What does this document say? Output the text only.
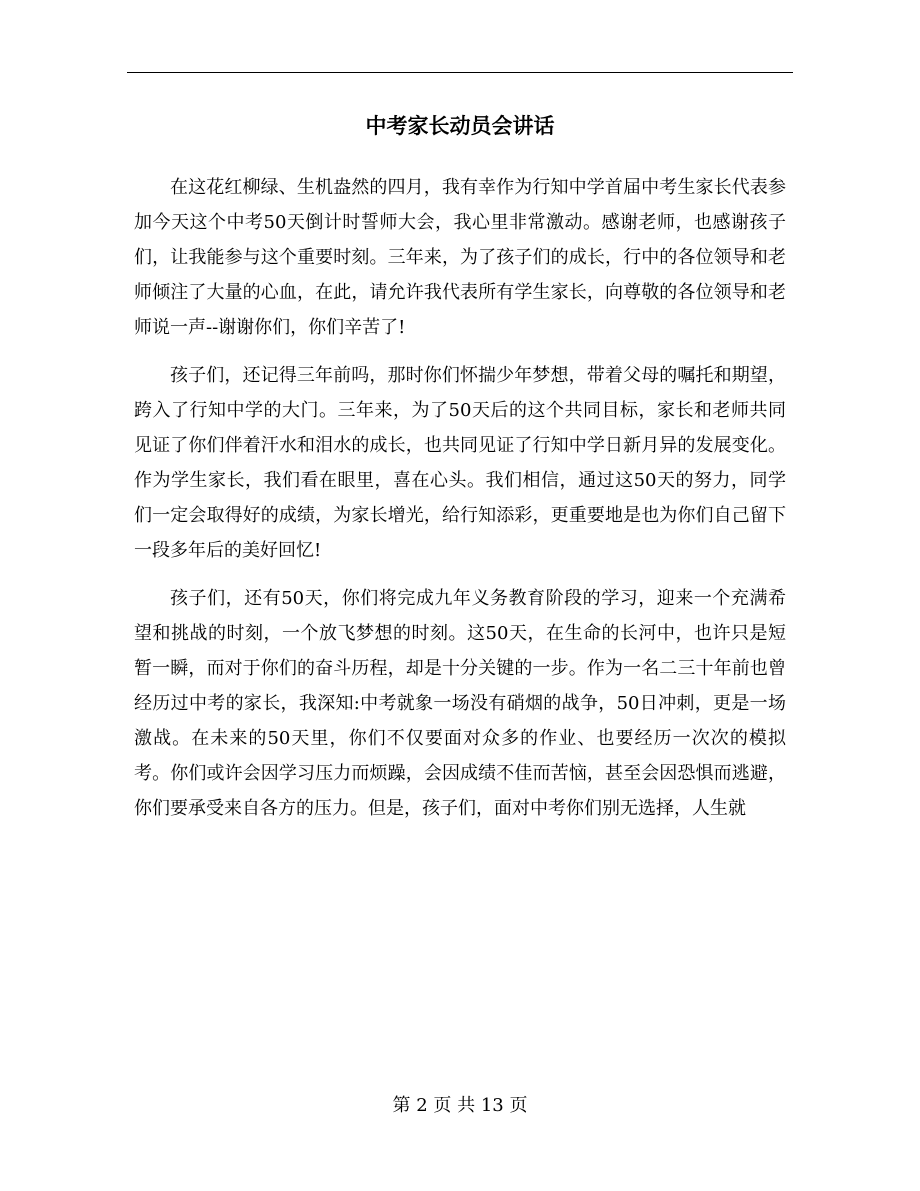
中考家长动员会讲话

在这花红柳绿、生机盎然的四月，我有幸作为行知中学首届中考生家长代表参加今天这个中考50天倒计时誓师大会，我心里非常激动。感谢老师，也感谢孩子们，让我能参与这个重要时刻。三年来，为了孩子们的成长，行中的各位领导和老师倾注了大量的心血，在此，请允许我代表所有学生家长，向尊敬的各位领导和老师说一声--谢谢你们，你们辛苦了!

孩子们，还记得三年前吗，那时你们怀揣少年梦想，带着父母的嘱托和期望，跨入了行知中学的大门。三年来，为了50天后的这个共同目标，家长和老师共同见证了你们伴着汗水和泪水的成长，也共同见证了行知中学日新月异的发展变化。作为学生家长，我们看在眼里，喜在心头。我们相信，通过这50天的努力，同学们一定会取得好的成绩，为家长增光，给行知添彩，更重要地是也为你们自己留下一段多年后的美好回忆!

孩子们，还有50天，你们将完成九年义务教育阶段的学习，迎来一个充满希望和挑战的时刻，一个放飞梦想的时刻。这50天，在生命的长河中，也许只是短暂一瞬，而对于你们的奋斗历程，却是十分关键的一步。作为一名二三十年前也曾经历过中考的家长，我深知:中考就象一场没有硝烟的战争，50日冲刺，更是一场激战。在未来的50天里，你们不仅要面对众多的作业、也要经历一次次的模拟考。你们或许会因学习压力而烦躁，会因成绩不佳而苦恼，甚至会因恐惧而逃避，你们要承受来自各方的压力。但是，孩子们，面对中考你们别无选择，人生就

第 2 页 共 13 页
